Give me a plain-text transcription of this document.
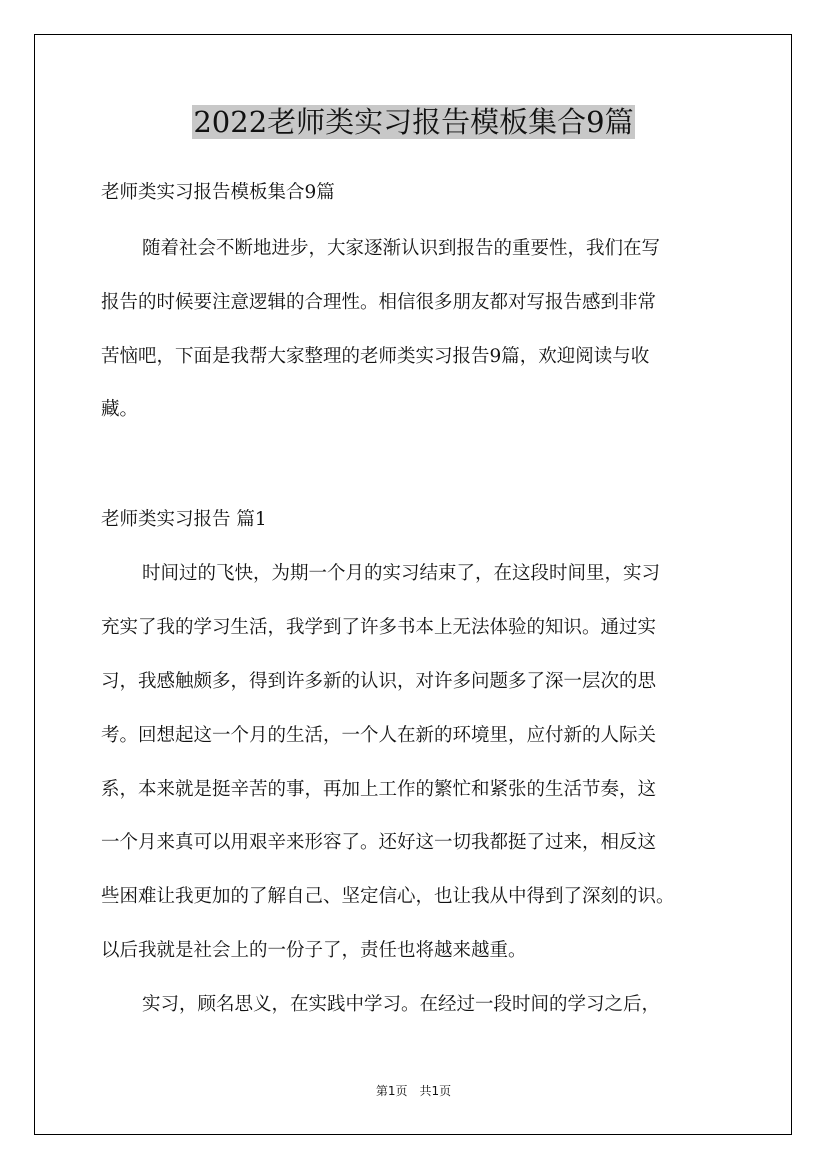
2022老师类实习报告模板集合9篇

老师类实习报告模板集合9篇

随着社会不断地进步，大家逐渐认识到报告的重要性，我们在写

报告的时候要注意逻辑的合理性。相信很多朋友都对写报告感到非常

苦恼吧，下面是我帮大家整理的老师类实习报告9篇，欢迎阅读与收

藏。

老师类实习报告 篇1

时间过的飞快，为期一个月的实习结束了，在这段时间里，实习

充实了我的学习生活，我学到了许多书本上无法体验的知识。通过实

习，我感触颇多，得到许多新的认识，对许多问题多了深一层次的思

考。回想起这一个月的生活，一个人在新的环境里，应付新的人际关

系，本来就是挺辛苦的事，再加上工作的繁忙和紧张的生活节奏，这

一个月来真可以用艰辛来形容了。还好这一切我都挺了过来，相反这

些困难让我更加的了解自己、坚定信心，也让我从中得到了深刻的识。

以后我就是社会上的一份子了，责任也将越来越重。

实习，顾名思义，在实践中学习。在经过一段时间的学习之后，

第1页 共1页
